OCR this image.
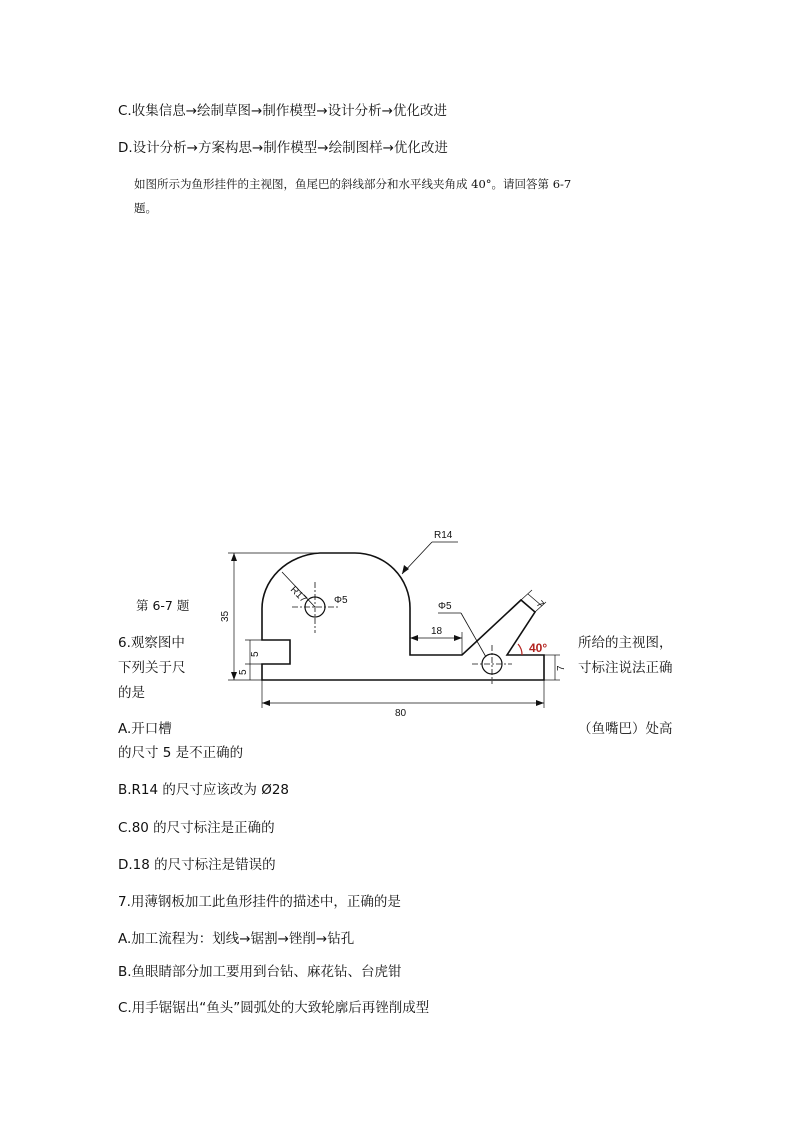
C.收集信息→绘制草图→制作模型→设计分析→优化改进
D.设计分析→方案构思→制作模型→绘制图样→优化改进
如图所示为鱼形挂件的主视图，鱼尾巴的斜线部分和水平线夹角成 40°。请回答第 6-7
题。
R14
R17	Φ5
Φ5
35
18
5
5
7
7
80
40°
第 6-7 题
6.观察图中	所给的主视图，
下列关于尺	寸标注说法正确
的是
A.开口槽	（鱼嘴巴）处高
的尺寸 5 是不正确的
B.R14 的尺寸应该改为 Ø28
C.80 的尺寸标注是正确的
D.18 的尺寸标注是错误的
7.用薄钢板加工此鱼形挂件的描述中，正确的是
A.加工流程为：划线→锯割→锉削→钻孔
B.鱼眼睛部分加工要用到台钻、麻花钻、台虎钳
C.用手锯锯出“鱼头”圆弧处的大致轮廓后再锉削成型
